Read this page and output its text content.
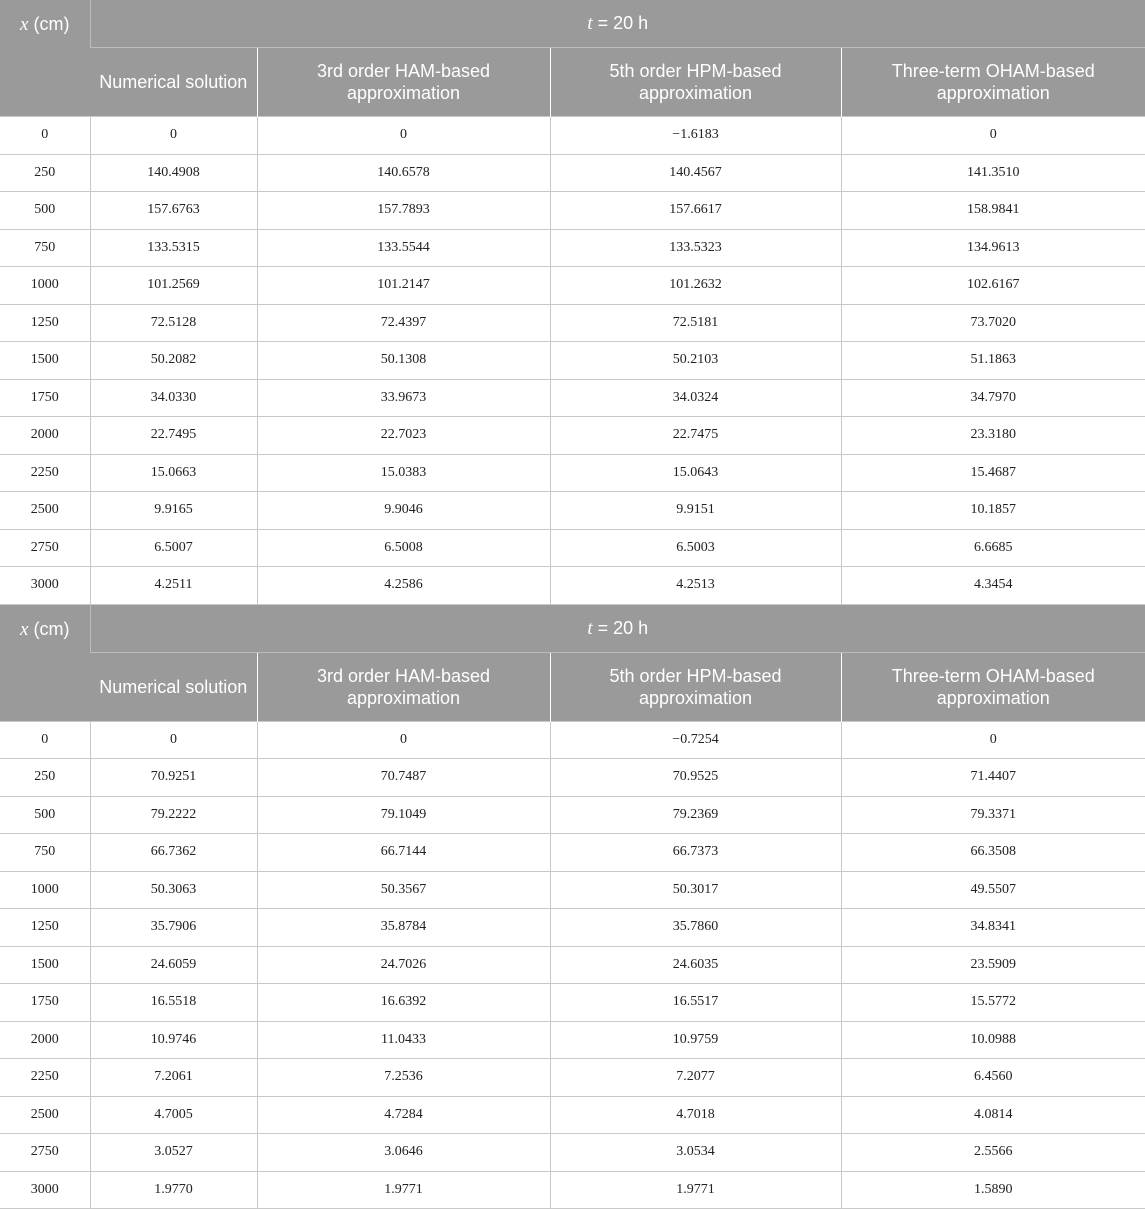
x (cm)	t = 20 h			
	Numerical solution	3rd order HAM-based approximation	5th order HPM-based approximation	Three-term OHAM-based approximation
0	0	0	−1.6183	0
250	140.4908	140.6578	140.4567	141.3510
500	157.6763	157.7893	157.6617	158.9841
750	133.5315	133.5544	133.5323	134.9613
1000	101.2569	101.2147	101.2632	102.6167
1250	72.5128	72.4397	72.5181	73.7020
1500	50.2082	50.1308	50.2103	51.1863
1750	34.0330	33.9673	34.0324	34.7970
2000	22.7495	22.7023	22.7475	23.3180
2250	15.0663	15.0383	15.0643	15.4687
2500	9.9165	9.9046	9.9151	10.1857
2750	6.5007	6.5008	6.5003	6.6685
3000	4.2511	4.2586	4.2513	4.3454
x (cm)	t = 20 h			
	Numerical solution	3rd order HAM-based approximation	5th order HPM-based approximation	Three-term OHAM-based approximation
0	0	0	−0.7254	0
250	70.9251	70.7487	70.9525	71.4407
500	79.2222	79.1049	79.2369	79.3371
750	66.7362	66.7144	66.7373	66.3508
1000	50.3063	50.3567	50.3017	49.5507
1250	35.7906	35.8784	35.7860	34.8341
1500	24.6059	24.7026	24.6035	23.5909
1750	16.5518	16.6392	16.5517	15.5772
2000	10.9746	11.0433	10.9759	10.0988
2250	7.2061	7.2536	7.2077	6.4560
2500	4.7005	4.7284	4.7018	4.0814
2750	3.0527	3.0646	3.0534	2.5566
3000	1.9770	1.9771	1.9771	1.5890
